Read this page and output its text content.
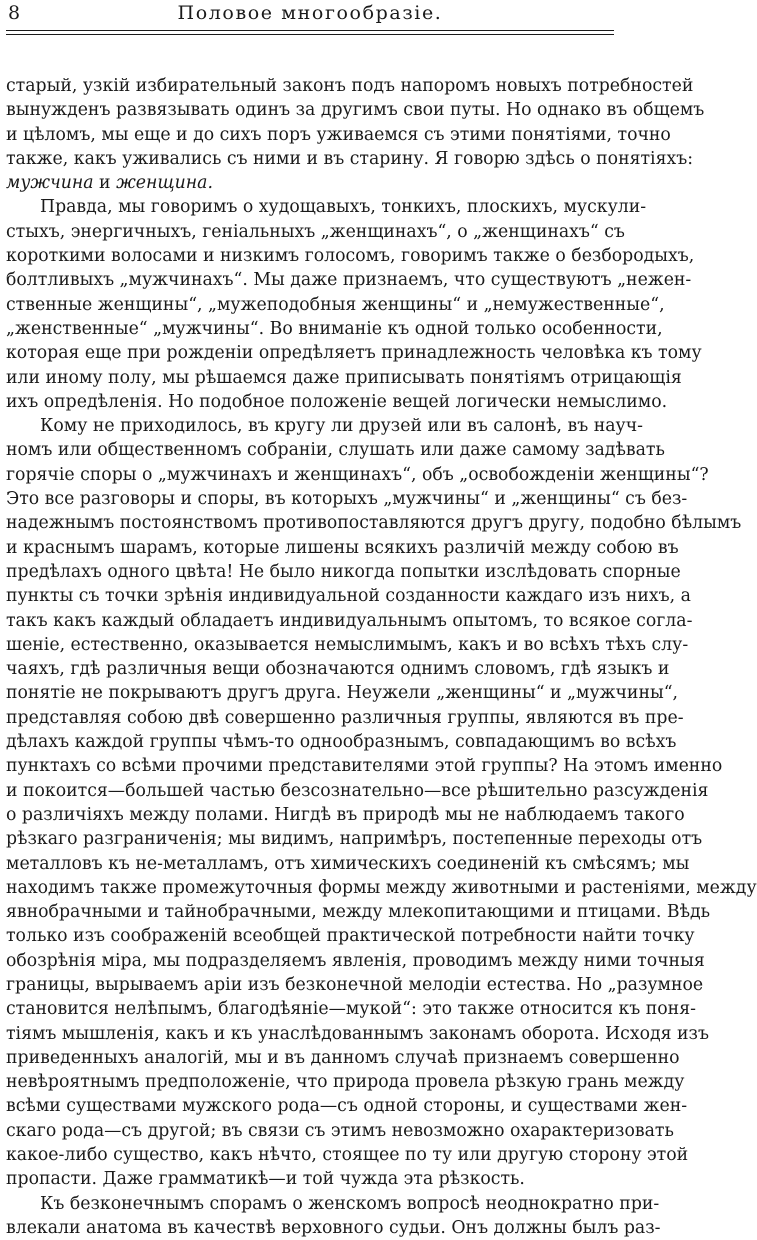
8	Половое многообразіе.
старый, узкій избирательный законъ подъ напоромъ новыхъ потребностей
вынужденъ развязывать одинъ за другимъ свои путы. Но однако въ общемъ
и цѣломъ, мы еще и до сихъ поръ уживаемся съ этими понятіями, точно
также, какъ уживались съ ними и въ старину. Я говорю здѣсь о понятіяхъ:
мужчина и женщина.
Правда, мы говоримъ о худощавыхъ, тонкихъ, плоскихъ, мускули-
стыхъ, энергичныхъ, геніальныхъ „женщинахъ“, о „женщинахъ“ съ
короткими волосами и низкимъ голосомъ, говоримъ также о безбородыхъ,
болтливыхъ „мужчинахъ“. Мы даже признаемъ, что существуютъ „нежен-
ственные женщины“, „мужеподобныя женщины“ и „немужественные“,
„женственные“ „мужчины“. Во вниманіе къ одной только особенности,
которая еще при рожденіи опредѣляетъ принадлежность человѣка къ тому
или иному полу, мы рѣшаемся даже приписывать понятіямъ отрицающія
ихъ опредѣленія. Но подобное положеніе вещей логически немыслимо.
Кому не приходилось, въ кругу ли друзей или въ салонѣ, въ науч-
номъ или общественномъ собраніи, слушать или даже самому задѣвать
горячіе споры о „мужчинахъ и женщинахъ“, объ „освобожденіи женщины“?
Это все разговоры и споры, въ которыхъ „мужчины“ и „женщины“ съ без-
надежнымъ постоянствомъ противопоставляются другъ другу, подобно бѣлымъ
и краснымъ шарамъ, которые лишены всякихъ различій между собою въ
предѣлахъ одного цвѣта! Не было никогда попытки изслѣдовать спорные
пункты съ точки зрѣнія индивидуальной созданности каждаго изъ нихъ, а
такъ какъ каждый обладаетъ индивидуальнымъ опытомъ, то всякое согла-
шеніе, естественно, оказывается немыслимымъ, какъ и во всѣхъ тѣхъ слу-
чаяхъ, гдѣ различныя вещи обозначаются однимъ словомъ, гдѣ языкъ и
понятіе не покрываютъ другъ друга. Неужели „женщины“ и „мужчины“,
представляя собою двѣ совершенно различныя группы, являются въ пре-
дѣлахъ каждой группы чѣмъ-то однообразнымъ, совпадающимъ во всѣхъ
пунктахъ со всѣми прочими представителями этой группы? На этомъ именно
и покоится—большей частью безсознательно—все рѣшительно разсужденія
о различіяхъ между полами. Нигдѣ въ природѣ мы не наблюдаемъ такого
рѣзкаго разграниченія; мы видимъ, напримѣръ, постепенные переходы отъ
металловъ къ не-металламъ, отъ химическихъ соединеній къ смѣсямъ; мы
находимъ также промежуточныя формы между животными и растеніями, между
явнобрачными и тайнобрачными, между млекопитающими и птицами. Вѣдь
только изъ соображеній всеобщей практической потребности найти точку
обозрѣнія міра, мы подразделяемъ явленія, проводимъ между ними точныя
границы, вырываемъ аріи изъ безконечной мелодіи естества. Но „разумное
становится нелѣпымъ, благодѣяніе—мукой“: это также относится къ поня-
тіямъ мышленія, какъ и къ унаслѣдованнымъ законамъ оборота. Исходя изъ
приведенныхъ аналогій, мы и въ данномъ случаѣ признаемъ совершенно
невѣроятнымъ предположеніе, что природа провела рѣзкую грань между
всѣми существами мужского рода—съ одной стороны, и существами жен-
скаго рода—съ другой; въ связи съ этимъ невозможно охарактеризовать
какое-либо существо, какъ нѣчто, стоящее по ту или другую сторону этой
пропасти. Даже грамматикѣ—и той чужда эта рѣзкость.
Къ безконечнымъ спорамъ о женскомъ вопросѣ неоднократно при-
влекали анатома въ качествѣ верховного судьи. Онъ должны былъ раз-
